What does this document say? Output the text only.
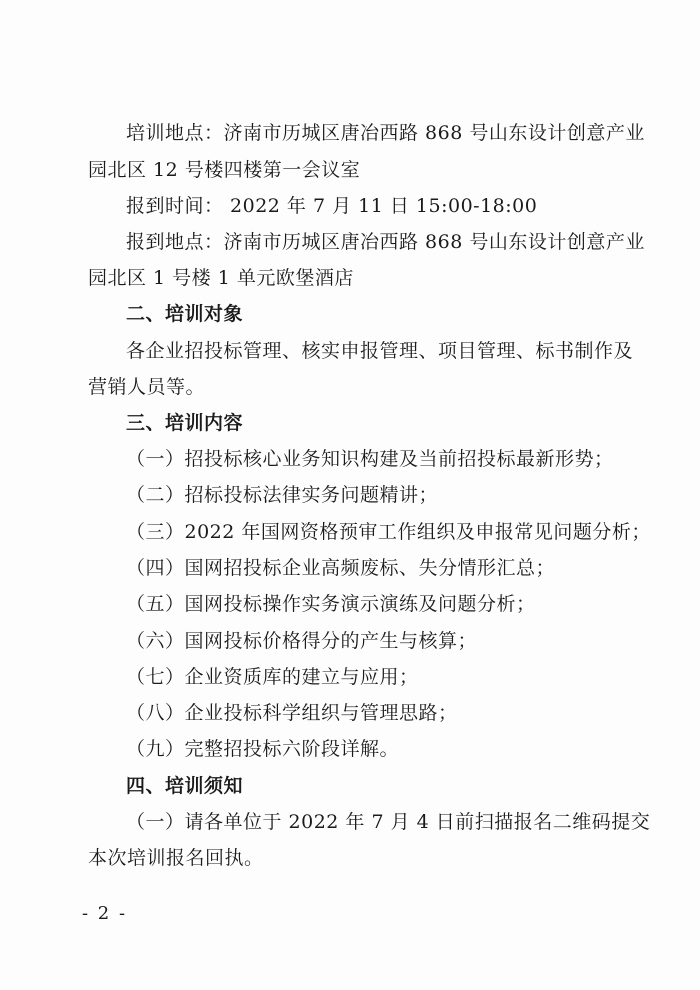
培训地点：济南市历城区唐冶西路 868 号山东设计创意产业
园北区 12 号楼四楼第一会议室
报到时间： 2022 年 7 月 11 日 15:00-18:00
报到地点：济南市历城区唐冶西路 868 号山东设计创意产业
园北区 1 号楼 1 单元欧堡酒店
二、培训对象
各企业招投标管理、核实申报管理、项目管理、标书制作及
营销人员等。
三、培训内容
（一）招投标核心业务知识构建及当前招投标最新形势；
（二）招标投标法律实务问题精讲；
（三）2022 年国网资格预审工作组织及申报常见问题分析；
（四）国网招投标企业高频废标、失分情形汇总；
（五）国网投标操作实务演示演练及问题分析；
（六）国网投标价格得分的产生与核算；
（七）企业资质库的建立与应用；
（八）企业投标科学组织与管理思路；
（九）完整招投标六阶段详解。
四、培训须知
（一）请各单位于 2022 年 7 月 4 日前扫描报名二维码提交
本次培训报名回执。
- 2 -
